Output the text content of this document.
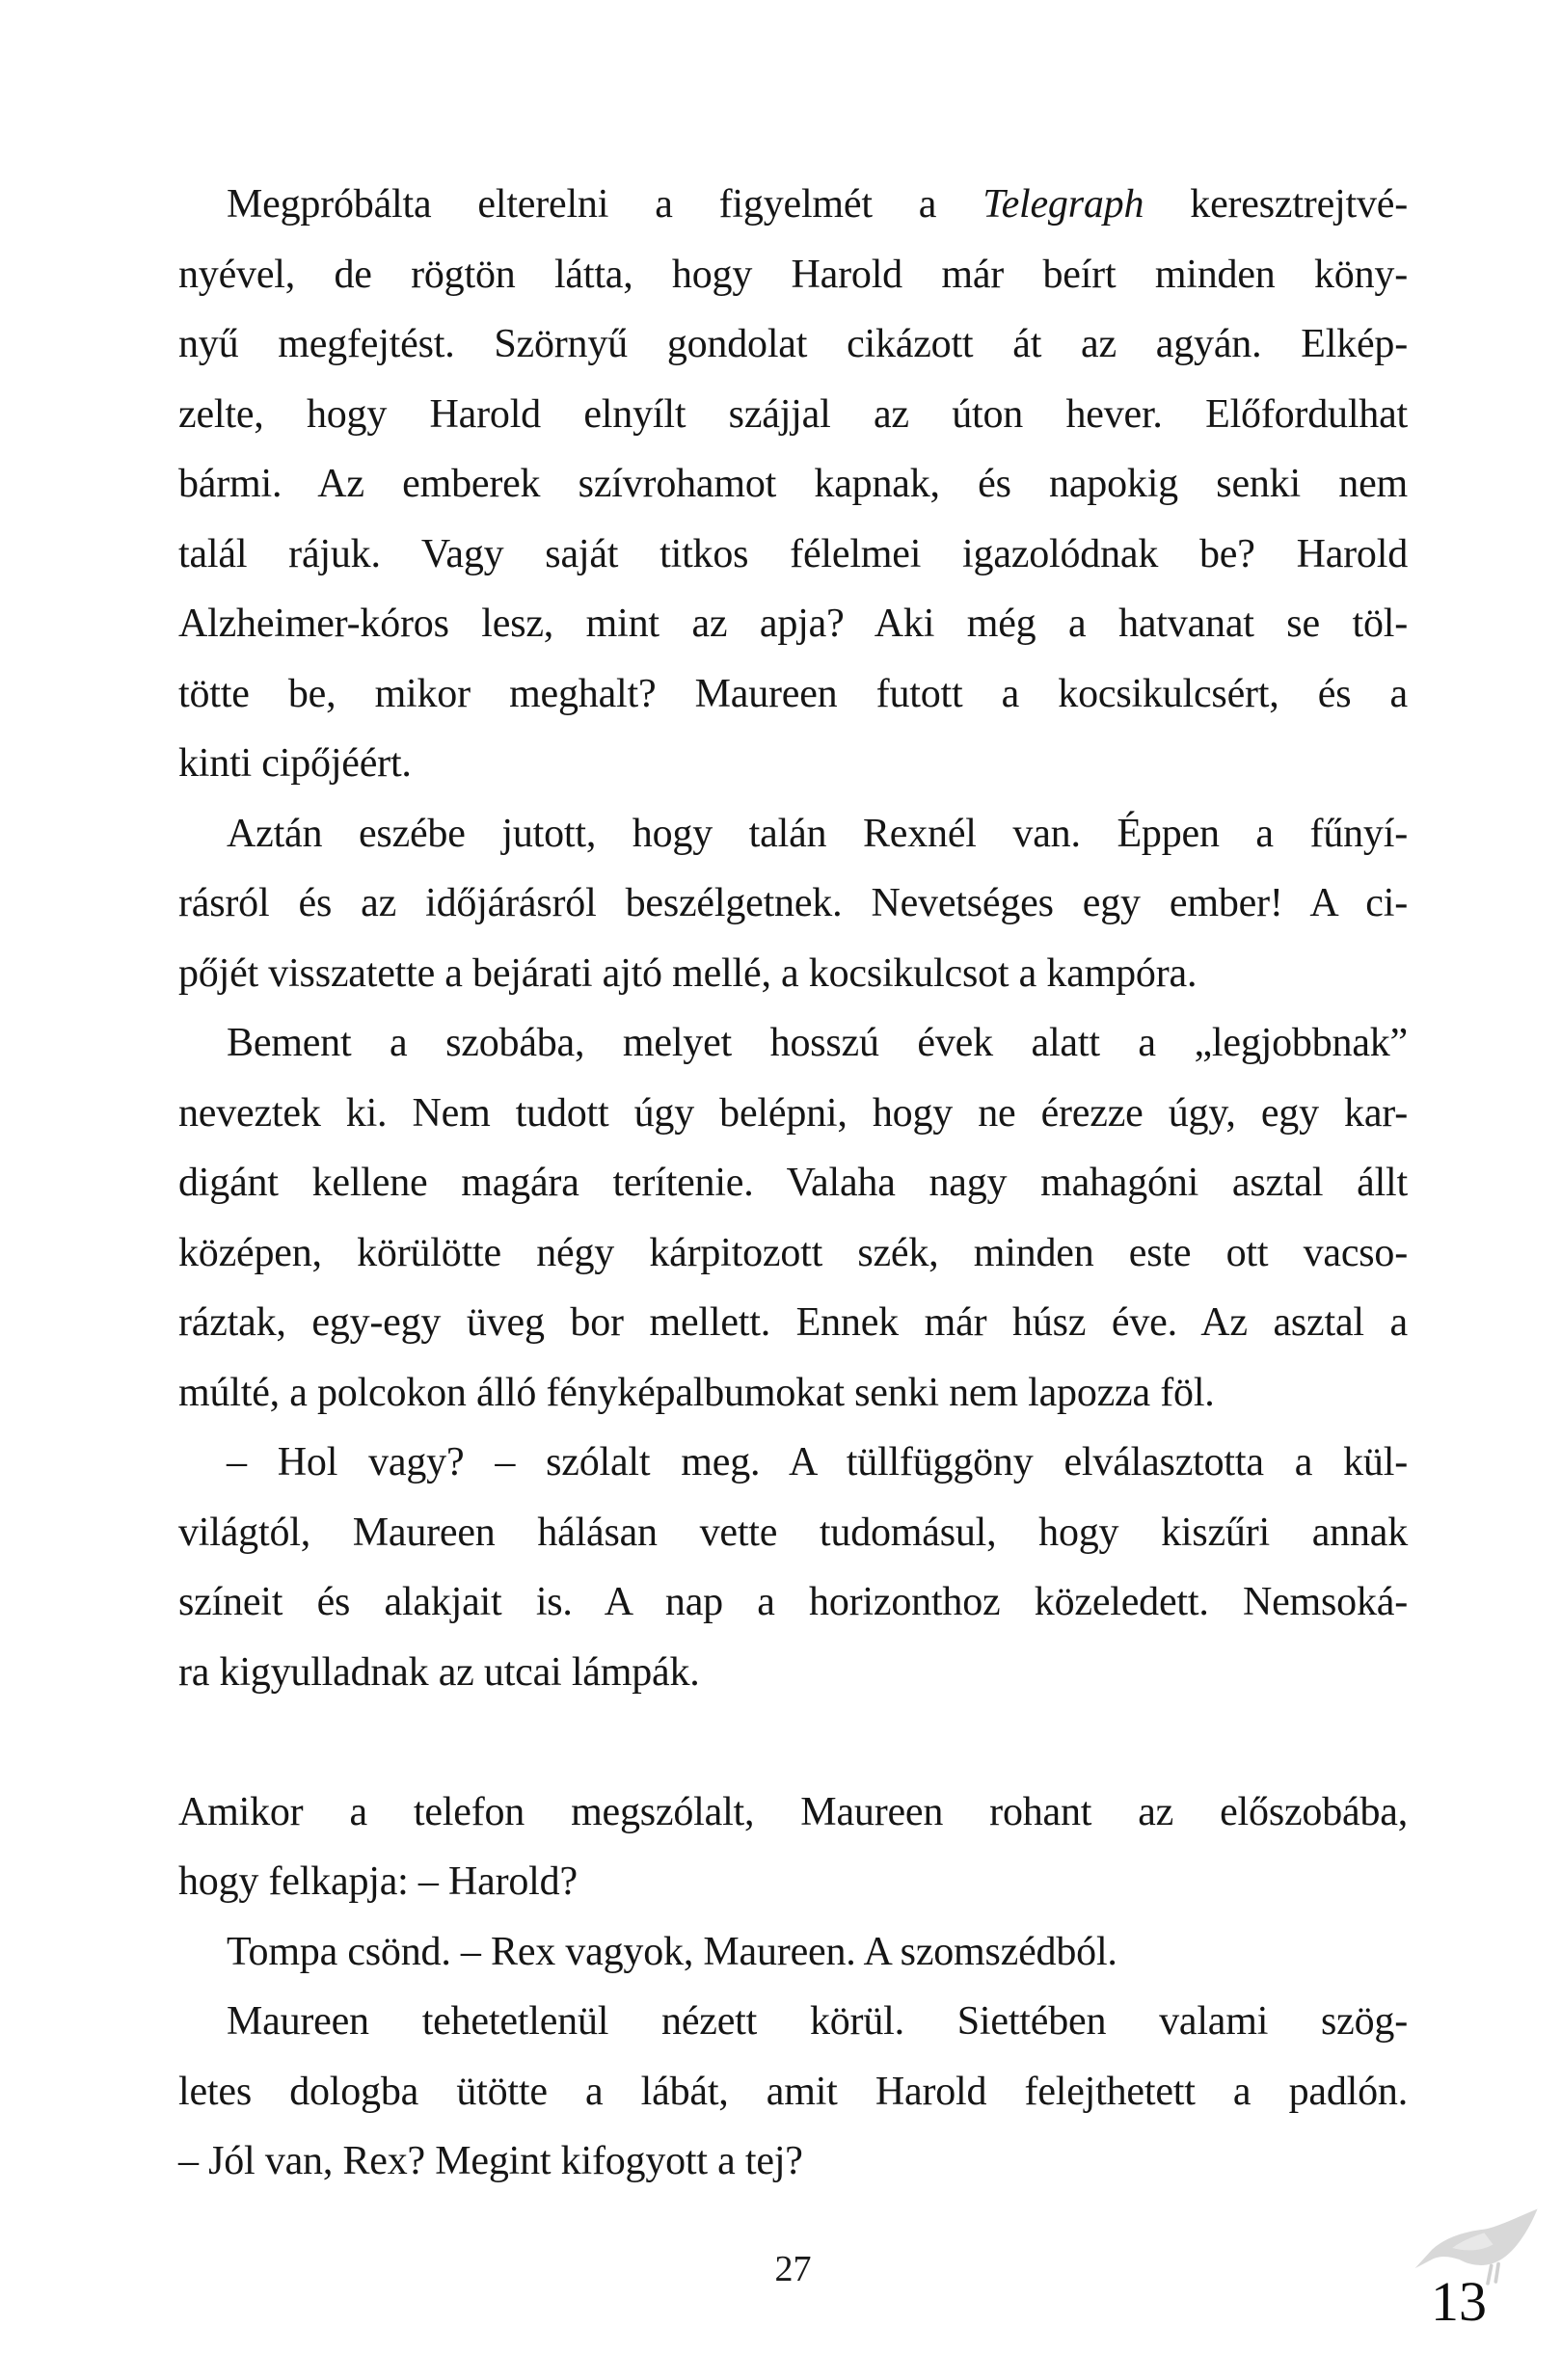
Megpróbálta elterelni a figyelmét a Telegraph keresztrejtvé-
nyével, de rögtön látta, hogy Harold már beírt minden köny-
nyű megfejtést. Szörnyű gondolat cikázott át az agyán. Elkép-
zelte, hogy Harold elnyílt szájjal az úton hever. Előfordulhat
bármi. Az emberek szívrohamot kapnak, és napokig senki nem
talál rájuk. Vagy saját titkos félelmei igazolódnak be? Harold
Alzheimer-kóros lesz, mint az apja? Aki még a hatvanat se töl-
tötte be, mikor meghalt? Maureen futott a kocsikulcsért, és a
kinti cipőjéért.
Aztán eszébe jutott, hogy talán Rexnél van. Éppen a fűnyí-
rásról és az időjárásról beszélgetnek. Nevetséges egy ember! A ci-
pőjét visszatette a bejárati ajtó mellé, a kocsikulcsot a kampóra.
Bement a szobába, melyet hosszú évek alatt a „legjobbnak”
neveztek ki. Nem tudott úgy belépni, hogy ne érezze úgy, egy kar-
digánt kellene magára terítenie. Valaha nagy mahagóni asztal állt
középen, körülötte négy kárpitozott szék, minden este ott vacso-
ráztak, egy-egy üveg bor mellett. Ennek már húsz éve. Az asztal a
múlté, a polcokon álló fényképalbumokat senki nem lapozza föl.
– Hol vagy? – szólalt meg. A tüllfüggöny elválasztotta a kül-
világtól, Maureen hálásan vette tudomásul, hogy kiszűri annak
színeit és alakjait is. A nap a horizonthoz közeledett. Nemsoká-
ra kigyulladnak az utcai lámpák.
Amikor a telefon megszólalt, Maureen rohant az előszobába,
hogy felkapja: – Harold?
Tompa csönd. – Rex vagyok, Maureen. A szomszédból.
Maureen tehetetlenül nézett körül. Siettében valami szög-
letes dologba ütötte a lábát, amit Harold felejthetett a padlón.
– Jól van, Rex? Megint kifogyott a tej?
27
13
